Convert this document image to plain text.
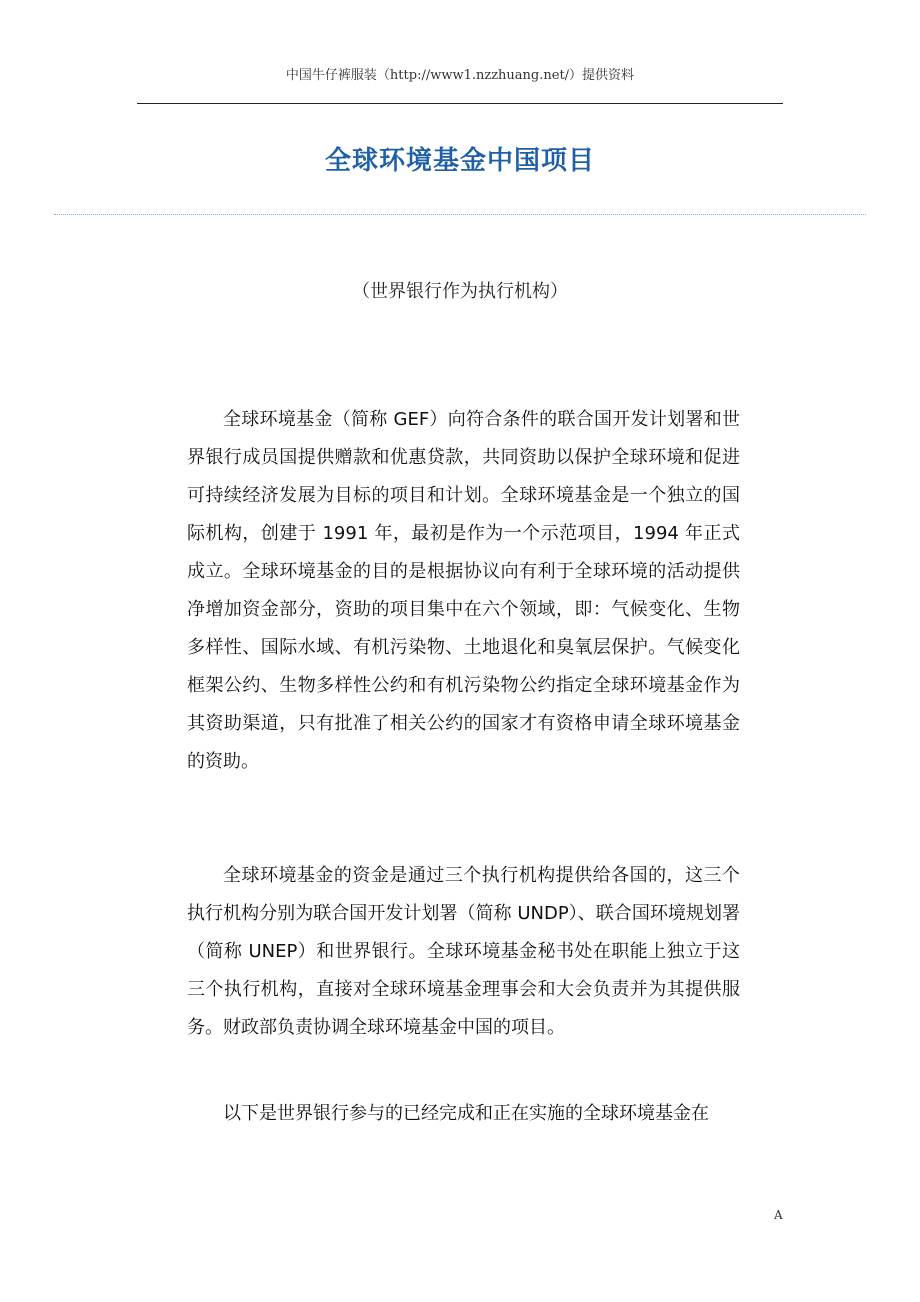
中国牛仔裤服装（http://www1.nzzhuang.net/）提供资料
全球环境基金中国项目
（世界银行作为执行机构）

全球环境基金（简称 GEF）向符合条件的联合国开发计划署和世界银行成员国提供赠款和优惠贷款，共同资助以保护全球环境和促进可持续经济发展为目标的项目和计划。全球环境基金是一个独立的国际机构，创建于 1991 年，最初是作为一个示范项目，1994 年正式成立。全球环境基金的目的是根据协议向有利于全球环境的活动提供净增加资金部分，资助的项目集中在六个领域，即：气候变化、生物多样性、国际水域、有机污染物、土地退化和臭氧层保护。气候变化框架公约、生物多样性公约和有机污染物公约指定全球环境基金作为其资助渠道，只有批准了相关公约的国家才有资格申请全球环境基金的资助。

全球环境基金的资金是通过三个执行机构提供给各国的，这三个执行机构分别为联合国开发计划署（简称 UNDP）、联合国环境规划署（简称 UNEP）和世界银行。全球环境基金秘书处在职能上独立于这三个执行机构，直接对全球环境基金理事会和大会负责并为其提供服务。财政部负责协调全球环境基金中国的项目。

以下是世界银行参与的已经完成和正在实施的全球环境基金在

A
